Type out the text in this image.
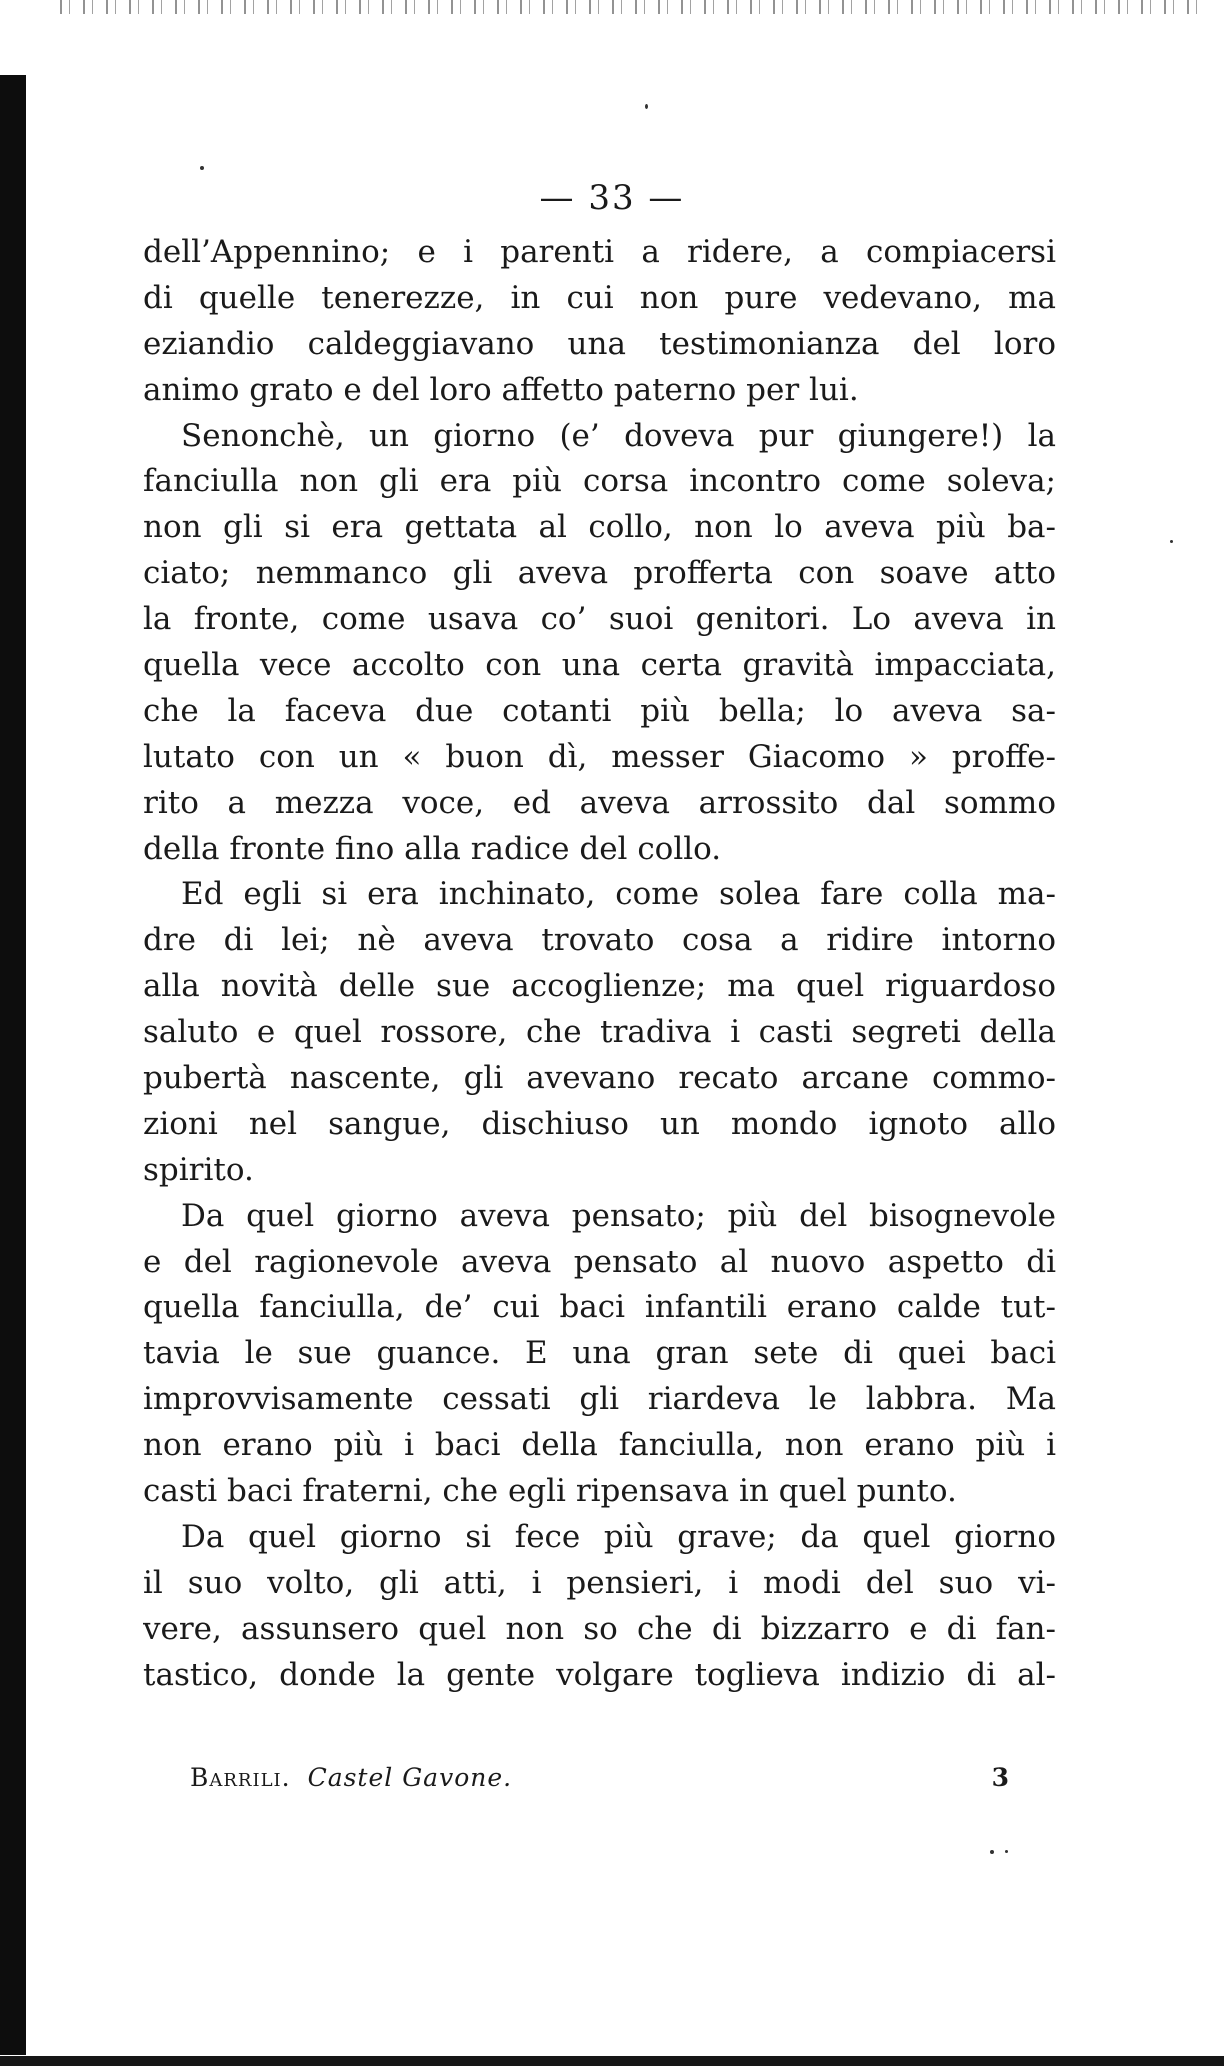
— 33 —
dell’Appennino; e i parenti a ridere, a compiacersi
di quelle tenerezze, in cui non pure vedevano, ma
eziandio caldeggiavano una testimonianza del loro
animo grato e del loro affetto paterno per lui.
Senonchè, un giorno (e’ doveva pur giungere!) la
fanciulla non gli era più corsa incontro come soleva;
non gli si era gettata al collo, non lo aveva più ba-
ciato; nemmanco gli aveva profferta con soave atto
la fronte, come usava co’ suoi genitori. Lo aveva in
quella vece accolto con una certa gravità impacciata,
che la faceva due cotanti più bella; lo aveva sa-
lutato con un « buon dì, messer Giacomo » proffe-
rito a mezza voce, ed aveva arrossito dal sommo
della fronte fino alla radice del collo.
Ed egli si era inchinato, come solea fare colla ma-
dre di lei; nè aveva trovato cosa a ridire intorno
alla novità delle sue accoglienze; ma quel riguardoso
saluto e quel rossore, che tradiva i casti segreti della
pubertà nascente, gli avevano recato arcane commo-
zioni nel sangue, dischiuso un mondo ignoto allo
spirito.
Da quel giorno aveva pensato; più del bisognevole
e del ragionevole aveva pensato al nuovo aspetto di
quella fanciulla, de’ cui baci infantili erano calde tut-
tavia le sue guance. E una gran sete di quei baci
improvvisamente cessati gli riardeva le labbra. Ma
non erano più i baci della fanciulla, non erano più i
casti baci fraterni, che egli ripensava in quel punto.
Da quel giorno si fece più grave; da quel giorno
il suo volto, gli atti, i pensieri, i modi del suo vi-
vere, assunsero quel non so che di bizzarro e di fan-
tastico, donde la gente volgare toglieva indizio di al-
Barrili. Castel Gavone.	3
